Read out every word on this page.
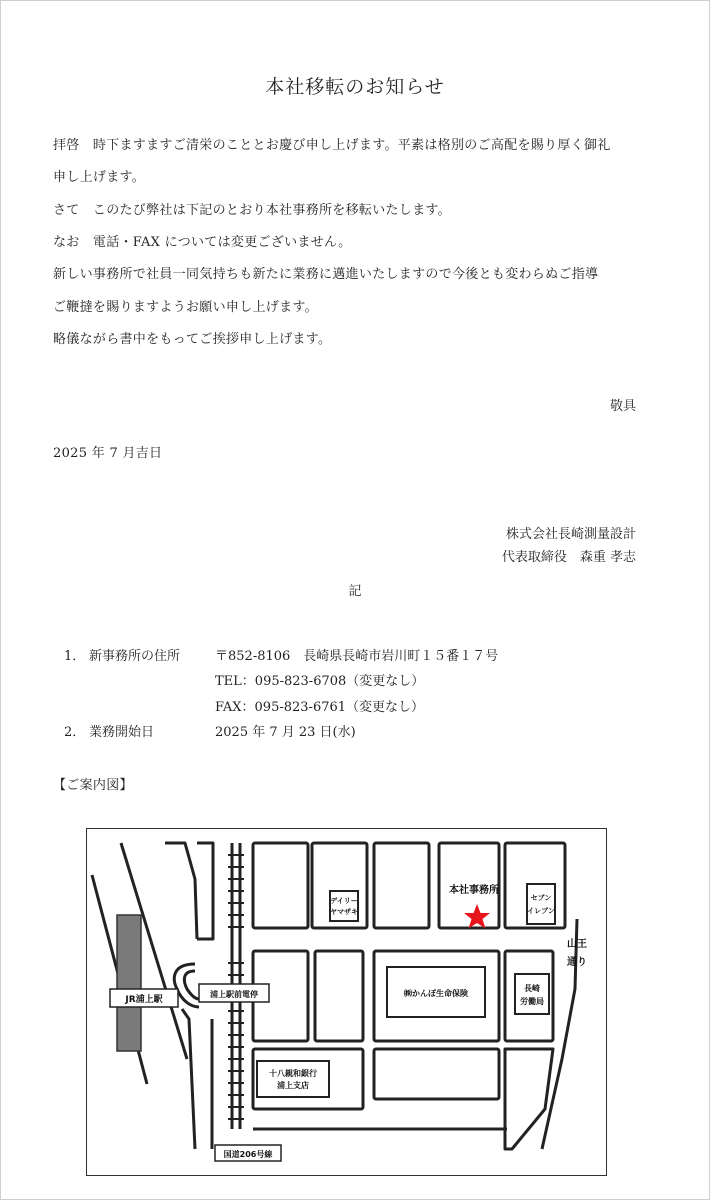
本社移転のお知らせ
拝啓　時下ますますご清栄のこととお慶び申し上げます。平素は格別のご高配を賜り厚く御礼
申し上げます。
さて　このたび弊社は下記のとおり本社事務所を移転いたします。
なお　電話・FAX については変更ございません。
新しい事務所で社員一同気持ちも新たに業務に邁進いたしますので今後とも変わらぬご指導
ご鞭撻を賜りますようお願い申し上げます。
略儀ながら書中をもってご挨拶申し上げます。
敬具
2025 年 7 月吉日
株式会社長崎測量設計
代表取締役　森重 孝志
記
1． 新事務所の住所	〒852-8106　長崎県長崎市岩川町１５番１７号
TEL：095-823-6708（変更なし）
FAX：095-823-6761（変更なし）
2． 業務開始日	2025 年 7 月 23 日(水)
【ご案内図】
デイリー
ヤマザキ
セブン
イレブン
㈱かんぽ生命保険
長崎
労働局
十八親和銀行
浦上支店
JR浦上駅
浦上駅前電停
国道206号線
本社事務所
山王
通り
